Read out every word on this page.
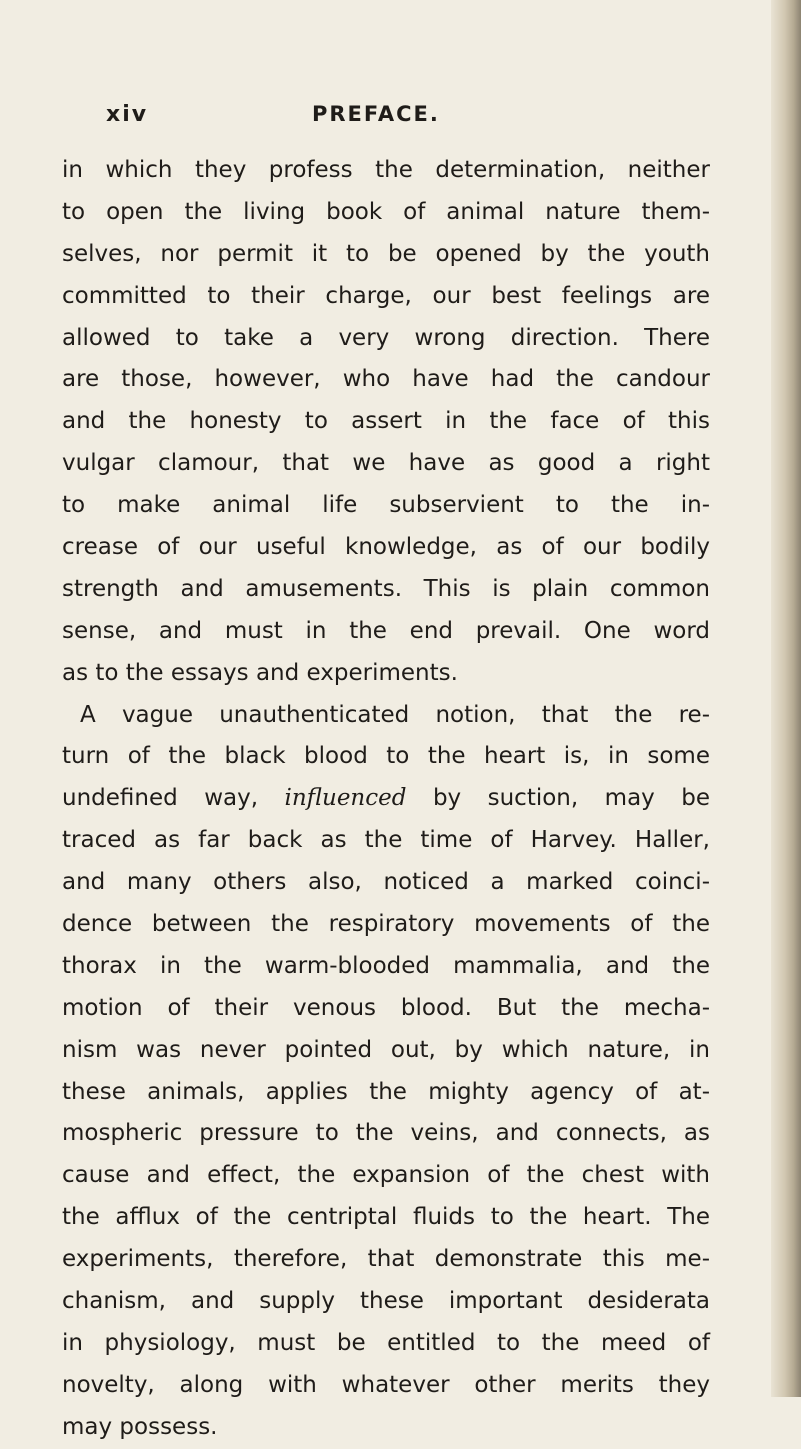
xiv	PREFACE.
in which they profess the determination, neither
to open the living book of animal nature them-
selves, nor permit it to be opened by the youth
committed to their charge, our best feelings are
allowed to take a very wrong direction. There
are those, however, who have had the candour
and the honesty to assert in the face of this
vulgar clamour, that we have as good a right
to make animal life subservient to the in-
crease of our useful knowledge, as of our bodily
strength and amusements. This is plain common
sense, and must in the end prevail. One word
as to the essays and experiments.
A vague unauthenticated notion, that the re-
turn of the black blood to the heart is, in some
undefined way, influenced by suction, may be
traced as far back as the time of Harvey. Haller,
and many others also, noticed a marked coinci-
dence between the respiratory movements of the
thorax in the warm-blooded mammalia, and the
motion of their venous blood. But the mecha-
nism was never pointed out, by which nature, in
these animals, applies the mighty agency of at-
mospheric pressure to the veins, and connects, as
cause and effect, the expansion of the chest with
the afflux of the centriptal fluids to the heart. The
experiments, therefore, that demonstrate this me-
chanism, and supply these important desiderata
in physiology, must be entitled to the meed of
novelty, along with whatever other merits they
may possess.
